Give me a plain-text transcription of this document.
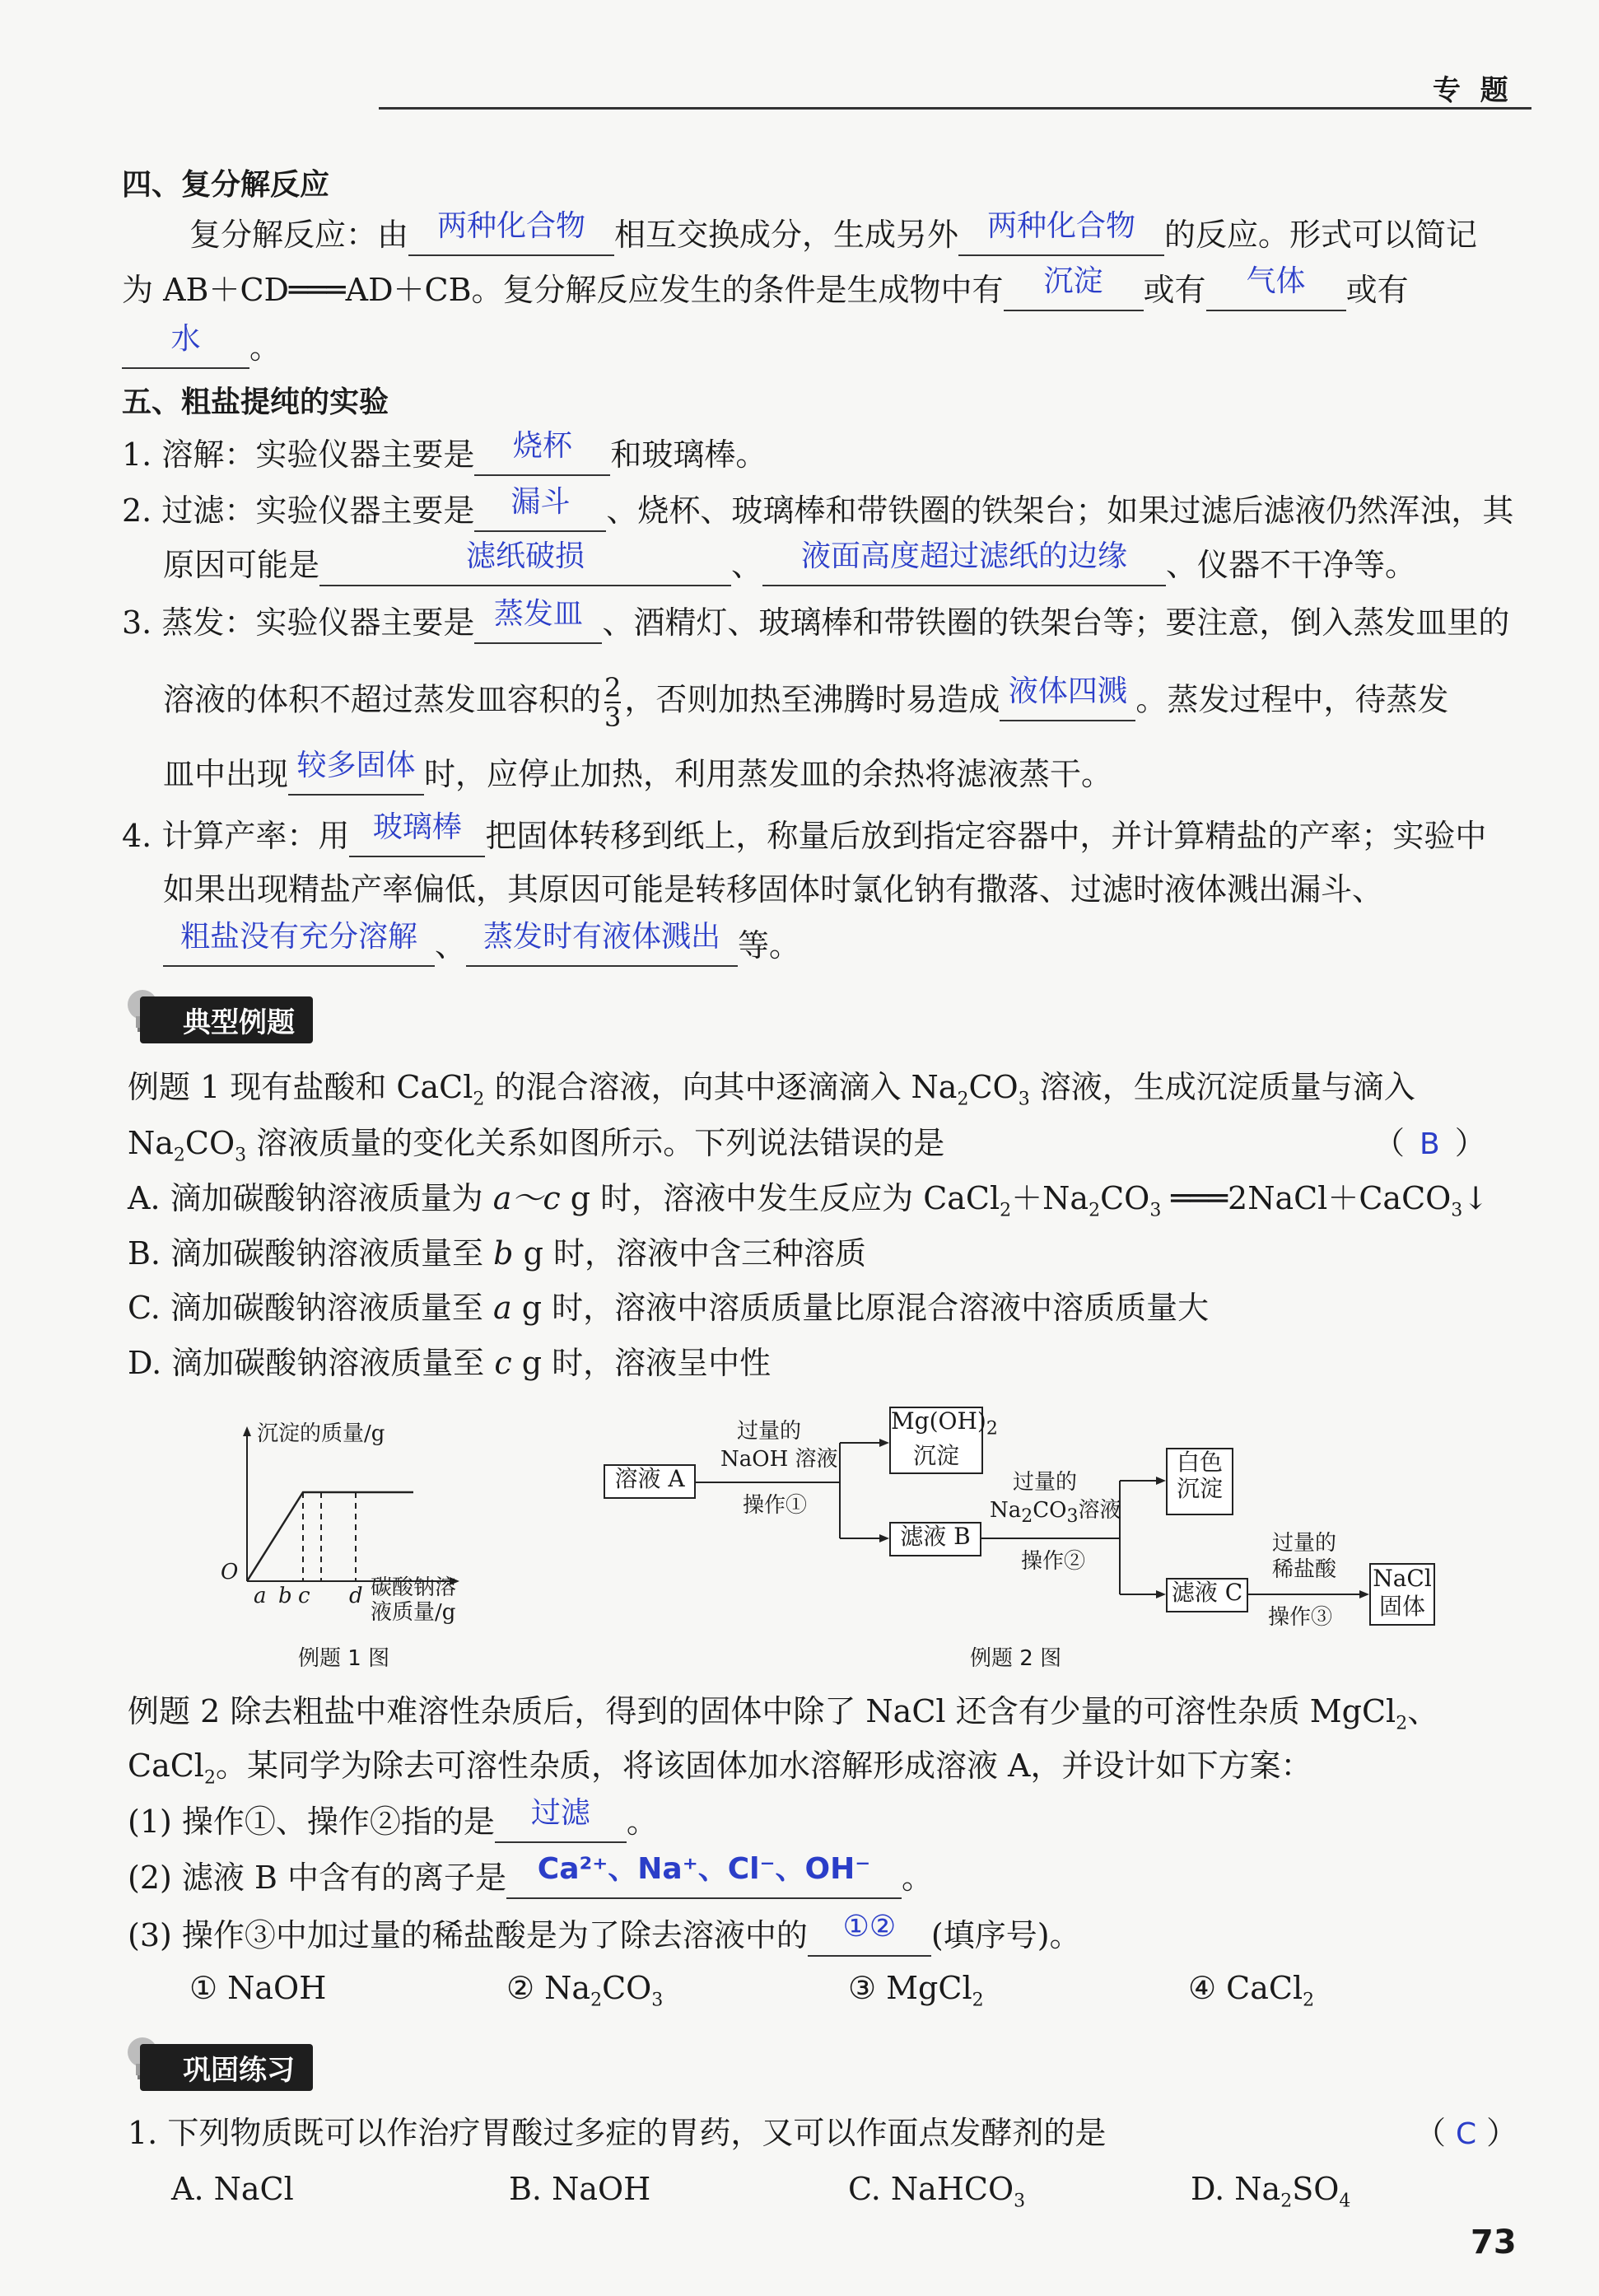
专  题
四、复分解反应
复分解反应：由 两种化合物 相互交换成分，生成另外 两种化合物 的反应。形式可以简记
为 AB＋CD═══AD＋CB。复分解反应发生的条件是生成物中有 沉淀 或有 气体 或有
水 。
五、粗盐提纯的实验
1. 溶解：实验仪器主要是 烧杯 和玻璃棒。
2. 过滤：实验仪器主要是 漏斗 、烧杯、玻璃棒和带铁圈的铁架台；如果过滤后滤液仍然浑浊，其
原因可能是	滤纸破损	、 液面高度超过滤纸的边缘 、仪器不干净等。
3. 蒸发：实验仪器主要是 蒸发皿 、酒精灯、玻璃棒和带铁圈的铁架台等；要注意，倒入蒸发皿里的
溶液的体积不超过蒸发皿容积的 $\frac{2}{3}$ ，否则加热至沸腾时易造成 液体四溅 。蒸发过程中，待蒸发
皿中出现 较多固体 时，应停止加热，利用蒸发皿的余热将滤液蒸干。
4. 计算产率：用 玻璃棒 把固体转移到纸上，称量后放到指定容器中，并计算精盐的产率；实验中
如果出现精盐产率偏低，其原因可能是转移固体时氯化钠有撒落、过滤时液体溅出漏斗、
粗盐没有充分溶解 、 蒸发时有液体溅出 等。
典型例题
例题 1 现有盐酸和 CaCl$_2$ 的混合溶液，向其中逐滴滴入 $Na_2CO_3$ 溶液，生成沉淀质量与滴入
$Na_2CO_3$ 溶液质量的变化关系如图所示。下列说法错误的是	（ B ）
A. 滴加碳酸钠溶液质量为 a～c g 时，溶液中发生反应为 $CaCl_2+Na_2CO_3$ ═══2NaCl＋CaCO$_3$↓
B. 滴加碳酸钠溶液质量至 b g 时，溶液中含三种溶质
C. 滴加碳酸钠溶液质量至 a g 时，溶液中溶质质量比原混合溶液中溶质质量大
D. 滴加碳酸钠溶液质量至 c g 时，溶液呈中性
沉淀的质量/g
O
a b c d 碳酸钠溶
液质量/g
例题 1 图
溶液 A
$Mg(OH)_2$
沉淀
滤液 B
白色
沉淀
滤液 C
NaCl
固体
过量的
NaOH 溶液
操作①
过量的
$Na_2CO_3$溶液
操作②
过量的
稀盐酸
操作③
例题 2 图
例题 2 除去粗盐中难溶性杂质后，得到的固体中除了 NaCl 还含有少量的可溶性杂质 MgCl$_2$、
CaCl$_2$。某同学为除去可溶性杂质，将该固体加水溶解形成溶液 A，并设计如下方案：
(1) 操作①、操作②指的是 过滤 。
(2) 滤液 B 中含有的离子是 Ca²⁺、Na⁺、Cl⁻、OH⁻ 。
(3) 操作③中加过量的稀盐酸是为了除去溶液中的 ①② (填序号)。
① NaOH	② $Na_2CO_3$	③ MgCl$_2$	④ CaCl$_2$
巩固练习
1. 下列物质既可以作治疗胃酸过多症的胃药，又可以作面点发酵剂的是	（ C ）
A. NaCl	B. NaOH	C. NaHCO$_3$	D. $Na_2SO_4$
73
